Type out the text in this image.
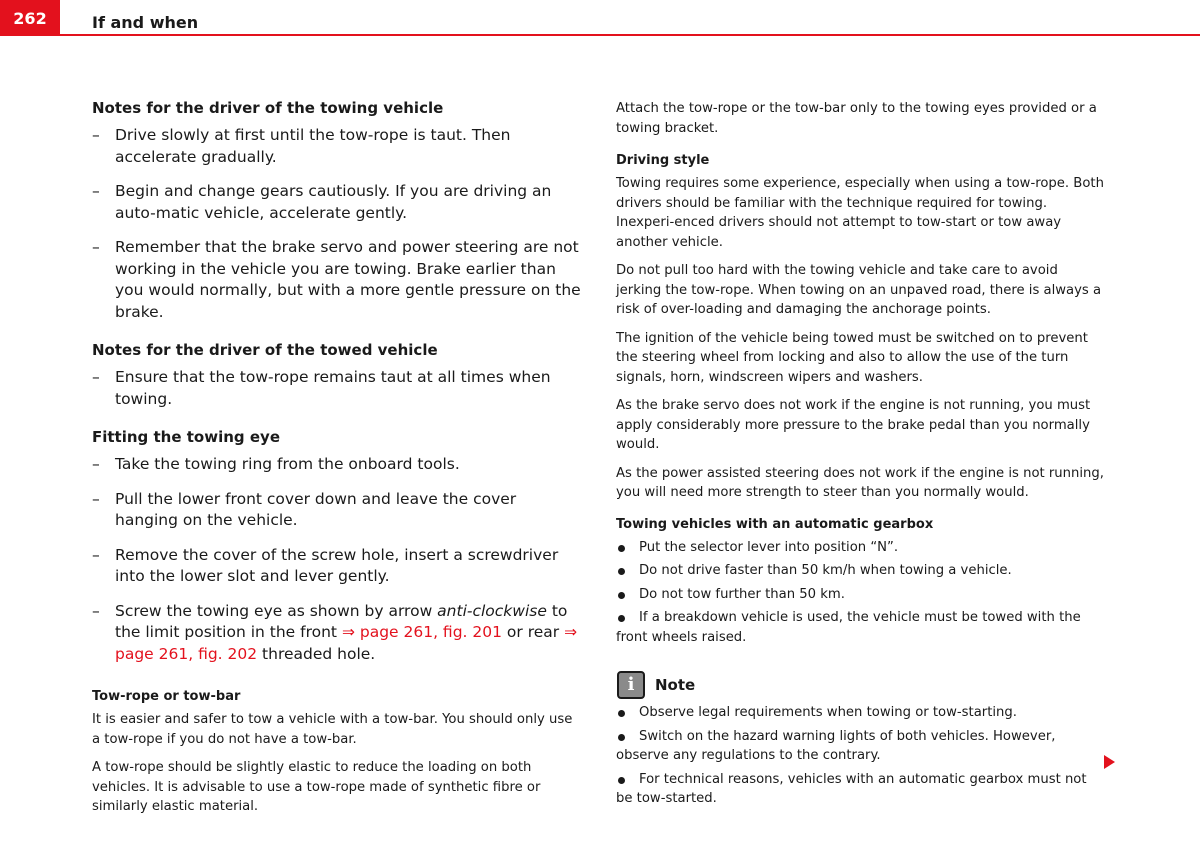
262	If and when
Notes for the driver of the towing vehicle
– Drive slowly at first until the tow-rope is taut. Then accelerate gradually.
– Begin and change gears cautiously. If you are driving an auto-matic vehicle, accelerate gently.
– Remember that the brake servo and power steering are not working in the vehicle you are towing. Brake earlier than you would normally, but with a more gentle pressure on the brake.
Notes for the driver of the towed vehicle
– Ensure that the tow-rope remains taut at all times when towing.
Fitting the towing eye
– Take the towing ring from the onboard tools.
– Pull the lower front cover down and leave the cover hanging on the vehicle.
– Remove the cover of the screw hole, insert a screwdriver into the lower slot and lever gently.
– Screw the towing eye as shown by arrow anti-clockwise to the limit position in the front ⇒ page 261, fig. 201 or rear ⇒ page 261, fig. 202 threaded hole.
Tow-rope or tow-bar
It is easier and safer to tow a vehicle with a tow-bar. You should only use a tow-rope if you do not have a tow-bar.
A tow-rope should be slightly elastic to reduce the loading on both vehicles. It is advisable to use a tow-rope made of synthetic fibre or similarly elastic material.
Attach the tow-rope or the tow-bar only to the towing eyes provided or a towing bracket.
Driving style
Towing requires some experience, especially when using a tow-rope. Both drivers should be familiar with the technique required for towing. Inexperi-enced drivers should not attempt to tow-start or tow away another vehicle.
Do not pull too hard with the towing vehicle and take care to avoid jerking the tow-rope. When towing on an unpaved road, there is always a risk of over-loading and damaging the anchorage points.
The ignition of the vehicle being towed must be switched on to prevent the steering wheel from locking and also to allow the use of the turn signals, horn, windscreen wipers and washers.
As the brake servo does not work if the engine is not running, you must apply considerably more pressure to the brake pedal than you normally would.
As the power assisted steering does not work if the engine is not running, you will need more strength to steer than you normally would.
Towing vehicles with an automatic gearbox
Put the selector lever into position “N”.
Do not drive faster than 50 km/h when towing a vehicle.
Do not tow further than 50 km.
If a breakdown vehicle is used, the vehicle must be towed with the front wheels raised.
i Note
Observe legal requirements when towing or tow-starting.
Switch on the hazard warning lights of both vehicles. However, observe any regulations to the contrary.
For technical reasons, vehicles with an automatic gearbox must not be tow-started.
